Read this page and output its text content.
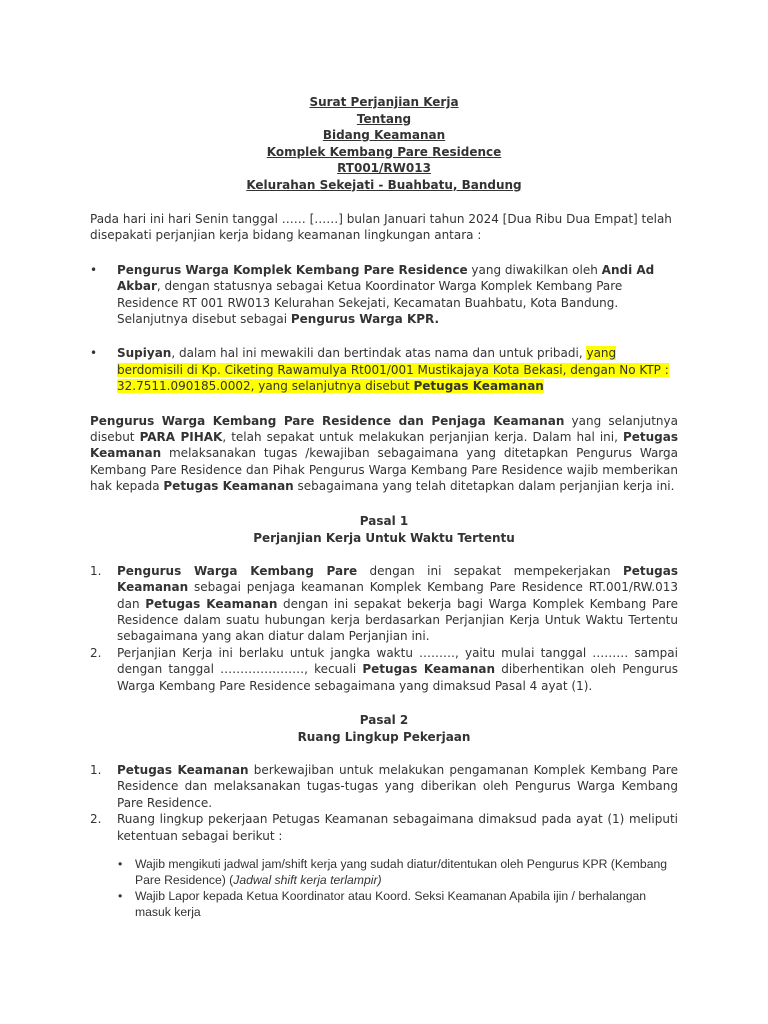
Surat Perjanjian Kerja
Tentang
Bidang Keamanan
Komplek Kembang Pare Residence
RT001/RW013
Kelurahan Sekejati - Buahbatu, Bandung

Pada hari ini hari Senin tanggal …… [……] bulan Januari tahun 2024 [Dua Ribu Dua Empat] telah disepakati perjanjian kerja bidang keamanan lingkungan antara :

• Pengurus Warga Komplek Kembang Pare Residence yang diwakilkan oleh Andi Ad Akbar, dengan statusnya sebagai Ketua Koordinator Warga Komplek Kembang Pare Residence RT 001 RW013 Kelurahan Sekejati, Kecamatan Buahbatu, Kota Bandung. Selanjutnya disebut sebagai Pengurus Warga KPR.
• Supiyan, dalam hal ini mewakili dan bertindak atas nama dan untuk pribadi, yang berdomisili di Kp. Ciketing Rawamulya Rt001/001 Mustikajaya Kota Bekasi, dengan No KTP : 32.7511.090185.0002, yang selanjutnya disebut Petugas Keamanan

Pengurus Warga Kembang Pare Residence dan Penjaga Keamanan yang selanjutnya disebut PARA PIHAK, telah sepakat untuk melakukan perjanjian kerja. Dalam hal ini, Petugas Keamanan melaksanakan tugas /kewajiban sebagaimana yang ditetapkan Pengurus Warga Kembang Pare Residence dan Pihak Pengurus Warga Kembang Pare Residence wajib memberikan hak kepada Petugas Keamanan sebagaimana yang telah ditetapkan dalam perjanjian kerja ini.

Pasal 1
Perjanjian Kerja Untuk Waktu Tertentu
1. Pengurus Warga Kembang Pare dengan ini sepakat mempekerjakan Petugas Keamanan sebagai penjaga keamanan Komplek Kembang Pare Residence RT.001/RW.013 dan Petugas Keamanan dengan ini sepakat bekerja bagi Warga Komplek Kembang Pare Residence dalam suatu hubungan kerja berdasarkan Perjanjian Kerja Untuk Waktu Tertentu sebagaimana yang akan diatur dalam Perjanjian ini.
2. Perjanjian Kerja ini berlaku untuk jangka waktu ………, yaitu mulai tanggal ……… sampai dengan tanggal …………………, kecuali Petugas Keamanan diberhentikan oleh Pengurus Warga Kembang Pare Residence sebagaimana yang dimaksud Pasal 4 ayat (1).
Pasal 2
Ruang Lingkup Pekerjaan
1. Petugas Keamanan berkewajiban untuk melakukan pengamanan Komplek Kembang Pare Residence dan melaksanakan tugas-tugas yang diberikan oleh Pengurus Warga Kembang Pare Residence.
2. Ruang lingkup pekerjaan Petugas Keamanan sebagaimana dimaksud pada ayat (1) meliputi ketentuan sebagai berikut :
• Wajib mengikuti jadwal jam/shift kerja yang sudah diatur/ditentukan oleh Pengurus KPR (Kembang Pare Residence) (Jadwal shift kerja terlampir)
• Wajib Lapor kepada Ketua Koordinator atau Koord. Seksi Keamanan Apabila ijin / berhalangan masuk kerja
